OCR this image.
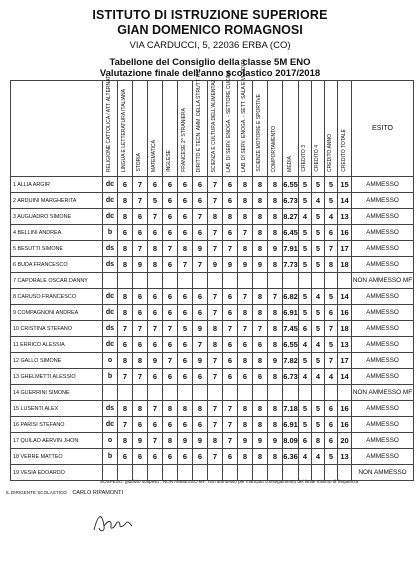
ISTITUTO DI ISTRUZIONE SUPERIORE
GIAN DOMENICO ROMAGNOSI
VIA CARDUCCI, 5, 22036 ERBA (CO)
Tabellone del Consiglio della classe 5M ENO
Valutazione finale dell'anno scolastico 2017/2018

	RELIGIONE CATTOLICA / ATT. ALTERNAT.	LINGUA E LETTERATURA ITALIANA	STORIA	MATEMATICA	INGLESE	FRANCESE 2^ STRANIERA	DIRITTO E TECN. AMM. DELLA STRUTT. RIC.	SCIENZA E CULTURA DELL'ALIMENTAZ.	LAB. DI SERV. ENOGA. - SETTORE CUCINA	LAB. DI SERV. ENOGA. - SETT. SALA E VENDITA	SCIENZE MOTORIE E SPORTIVE	COMPORTAMENTO	MEDIA	CREDITO 3	CREDITO 4	CREDITO ANNO	CREDITO TOTALE	ESITO
1 ALLIA ARGIR	dc	6	7	6	6	6	6	7	6	8	8	8	6.55	5	5	5	15	AMMESSO
2 ARDUINI MARGHERITA	dc	8	7	5	6	6	6	7	6	8	8	8	6.73	5	4	5	14	AMMESSO
3 AUGUADRO SIMONE	dc	8	6	7	6	6	7	8	8	8	8	8	8.27	4	5	4	13	AMMESSO
4 BELLINI ANDREA	b	6	6	6	6	6	6	7	6	7	8	8	6.45	5	5	6	16	AMMESSO
5 BESUTTI SIMONE	ds	8	7	8	7	8	9	7	7	8	8	9	7.91	5	5	7	17	AMMESSO
6 BUDA FRANCESCO	ds	8	9	8	6	7	7	9	9	9	9	8	7.73	5	5	8	18	AMMESSO
7 CAPORALE OSCAR DANNY																		NON AMMESSO MF
8 CARUSO FRANCESCO	dc	8	6	6	6	6	6	7	6	7	8	7	6.82	5	4	5	14	AMMESSO
9 COMPAGNONI ANDREA	dc	8	6	6	6	6	6	7	6	8	8	8	6.91	5	5	6	16	AMMESSO
10 CRISTINA STEFANO	ds	7	7	7	7	5	9	8	7	7	7	8	7.45	6	5	7	18	AMMESSO
11 ERRICO ALESSIA	dc	6	6	6	6	6	7	8	6	6	6	8	6.55	4	4	5	13	AMMESSO
12 GALLO SIMONE	o	8	8	9	7	6	9	7	6	8	8	9	7.82	5	5	7	17	AMMESSO
13 GHELMETTI ALESSIO	b	7	7	6	6	6	6	7	6	6	6	8	6.73	4	4	4	14	AMMESSO
14 GUERRINI SIMONE																		NON AMMESSO MF
15 LUSENTI ALEX	ds	8	8	7	8	8	8	7	7	8	8	8	7.18	5	5	6	16	AMMESSO
16 PARISI STEFANO	dc	7	6	6	6	6	6	7	7	8	8	8	6.91	5	5	6	16	AMMESSO
17 QUILAO AERVIN JHON	o	8	9	7	8	9	9	8	7	9	9	9	8.09	6	8	6	20	AMMESSO
18 VERRE MATTEO	b	6	6	6	6	6	6	7	6	8	8	8	6.36	4	4	5	13	AMMESSO
19 VESIA EDOARDO																		NON AMMESSO
SOSPESO: giudizio sospeso ; NON AMMESSO MF: non ammesso per mancato conseguimento del limite minimo di frequenza
IL DIRIGENTE SCOLASTICO CARLO RIPAMONTI
